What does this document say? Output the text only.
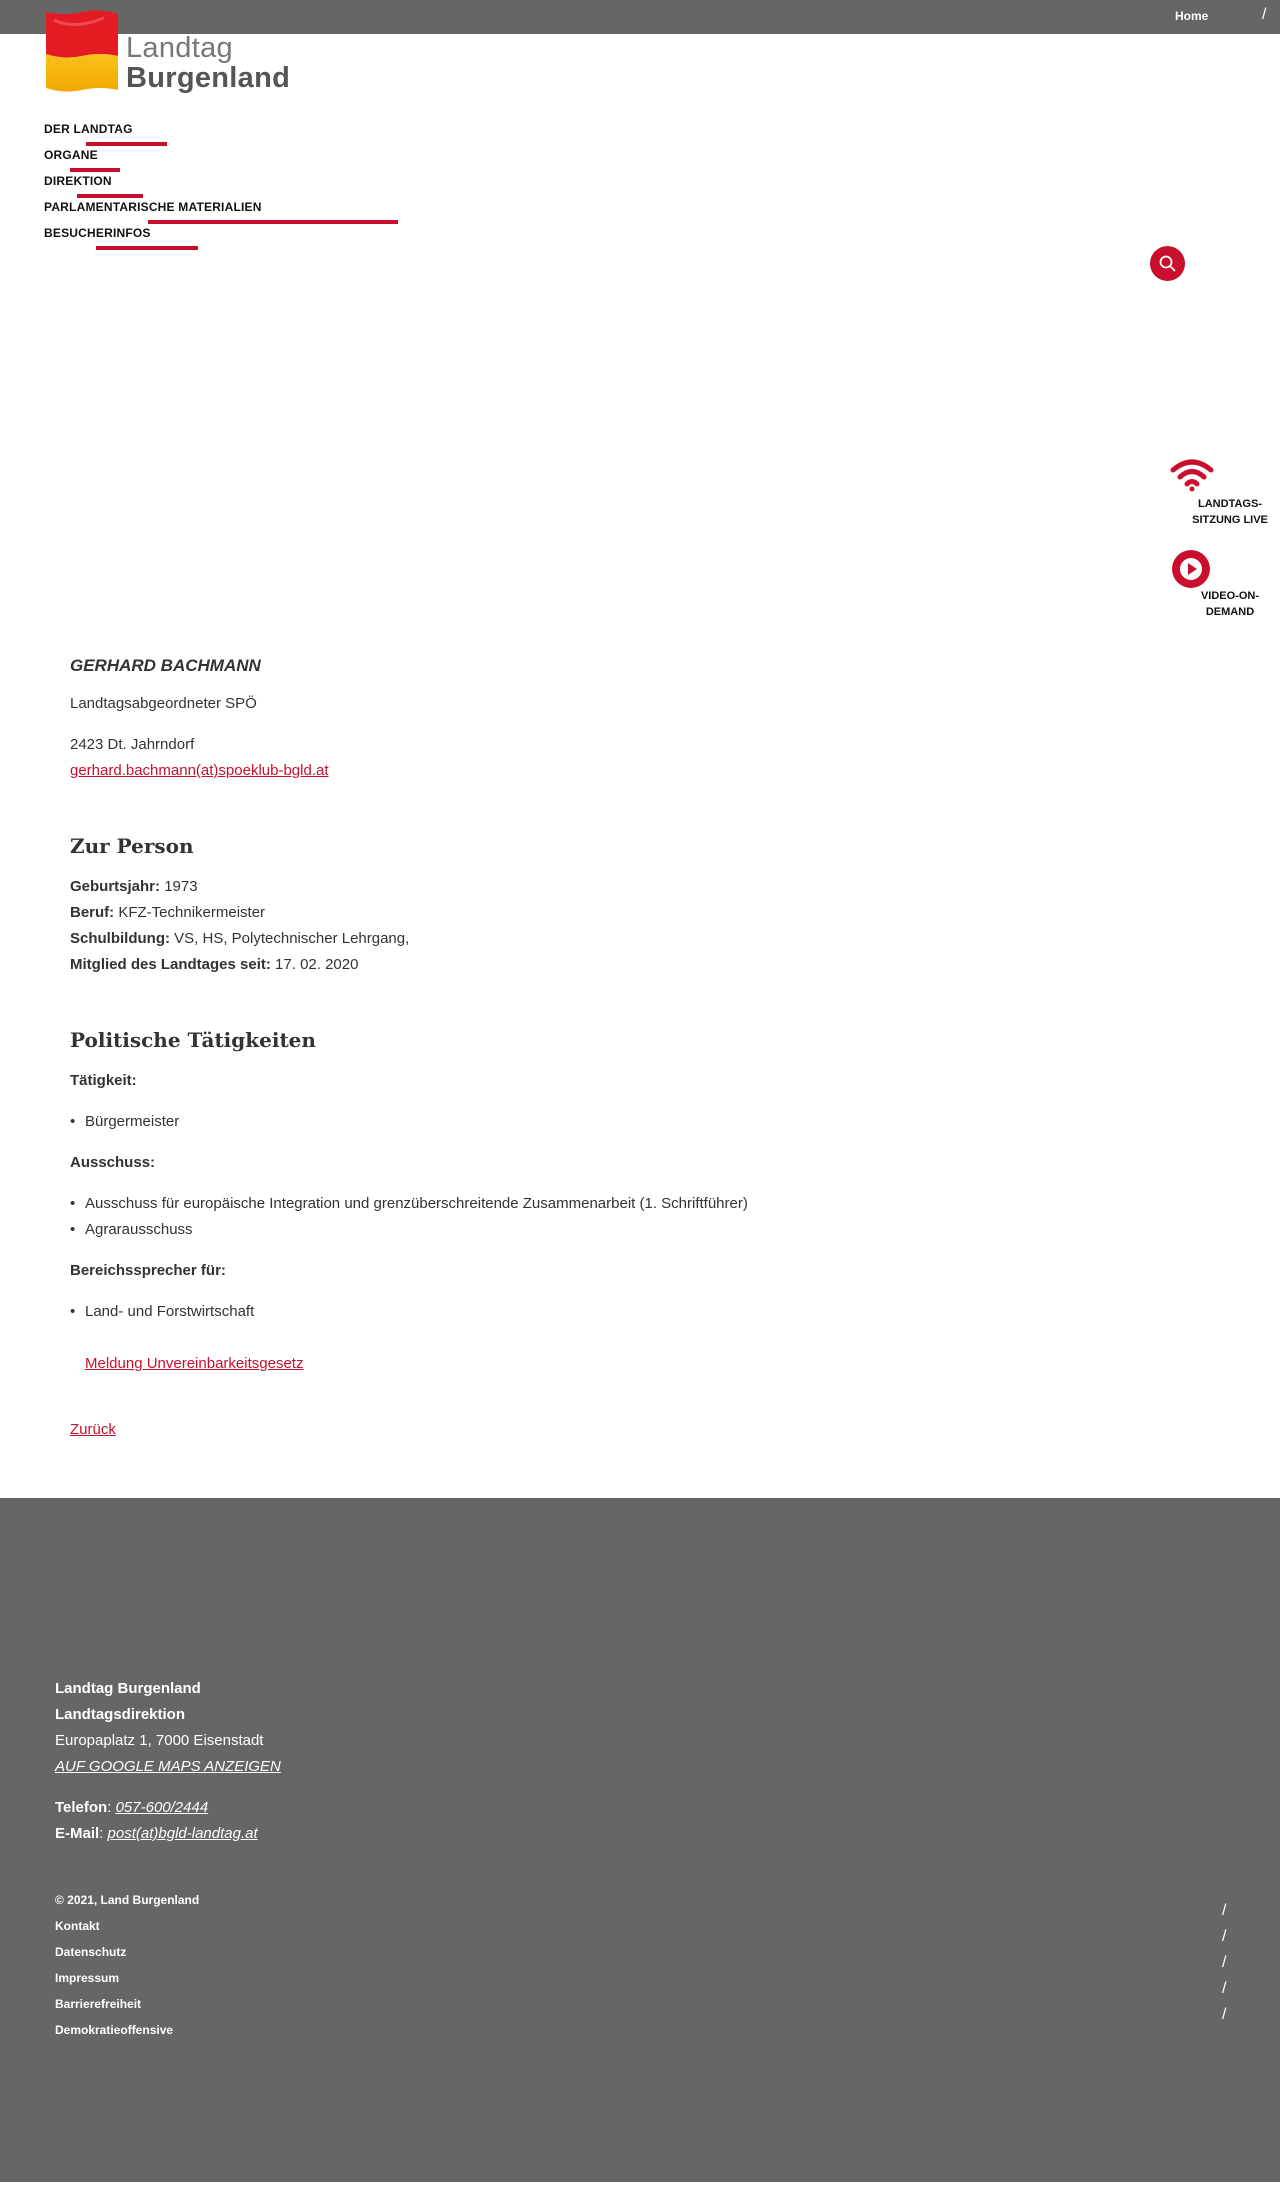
Home	/
Landtag
Burgenland
DER LANDTAG
ORGANE
DIREKTION
PARLAMENTARISCHE MATERIALIEN
BESUCHERINFOS
LANDTAGS-
SITZUNG LIVE
VIDEO-ON-
DEMAND
GERHARD BACHMANN

Landtagsabgeordneter SPÖ

2423 Dt. Jahrndorf

gerhard.bachmann(at)spoeklub-bgld.at

Zur Person
Geburtsjahr: 1973
Beruf: KFZ-Technikermeister
Schulbildung: VS, HS, Polytechnischer Lehrgang,
Mitglied des Landtages seit: 17. 02. 2020
Politische Tätigkeiten

Tätigkeit:

• Bürgermeister

Ausschuss:

• Ausschuss für europäische Integration und grenzüberschreitende Zusammenarbeit (1. Schriftführer)
• Agrarausschuss

Bereichssprecher für:

• Land- und Forstwirtschaft

Meldung Unvereinbarkeitsgesetz

Zurück

Landtag Burgenland
Landtagsdirektion
Europaplatz 1, 7000 Eisenstadt
AUF GOOGLE MAPS ANZEIGEN
Telefon: 057-600/2444
E-Mail: post(at)bgld-landtag.at
© 2021, Land Burgenland
Kontakt
Datenschutz
Impressum
Barrierefreiheit
Demokratieoffensive
/
/
/
/
/
